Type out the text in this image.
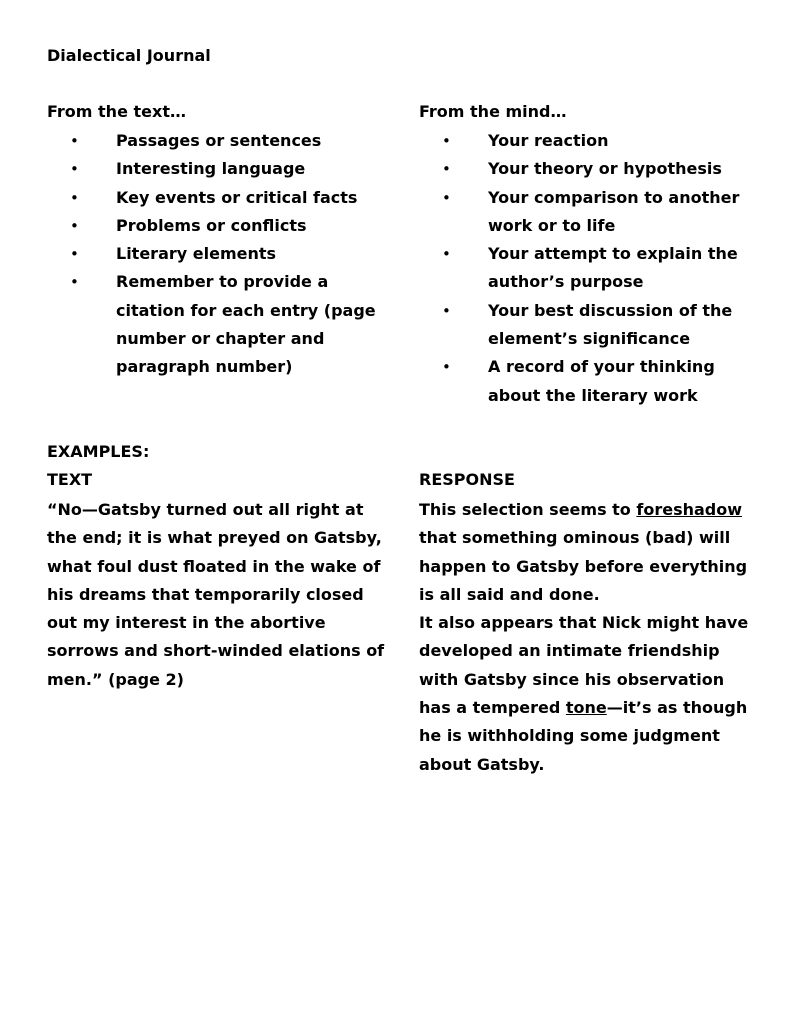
Dialectical Journal
From the text…	From the mind…
• Passages or sentences
• Interesting language
• Key events or critical facts
• Problems or conflicts
• Literary elements
• Remember to provide a citation for each entry (page number or chapter and paragraph number)
• Your reaction
• Your theory or hypothesis
• Your comparison to another work or to life
• Your attempt to explain the author’s purpose
• Your best discussion of the element’s significance
• A record of your thinking about the literary work
EXAMPLES:
TEXT	RESPONSE

“No—Gatsby turned out all right at the end; it is what preyed on Gatsby, what foul dust floated in the wake of his dreams that temporarily closed out my interest in the abortive sorrows and short-winded elations of men.” (page 2)

This selection seems to foreshadow that something ominous (bad) will happen to Gatsby before everything is all said and done.
It also appears that Nick might have developed an intimate friendship with Gatsby since his observation has a tempered tone—it’s as though he is withholding some judgment about Gatsby.
